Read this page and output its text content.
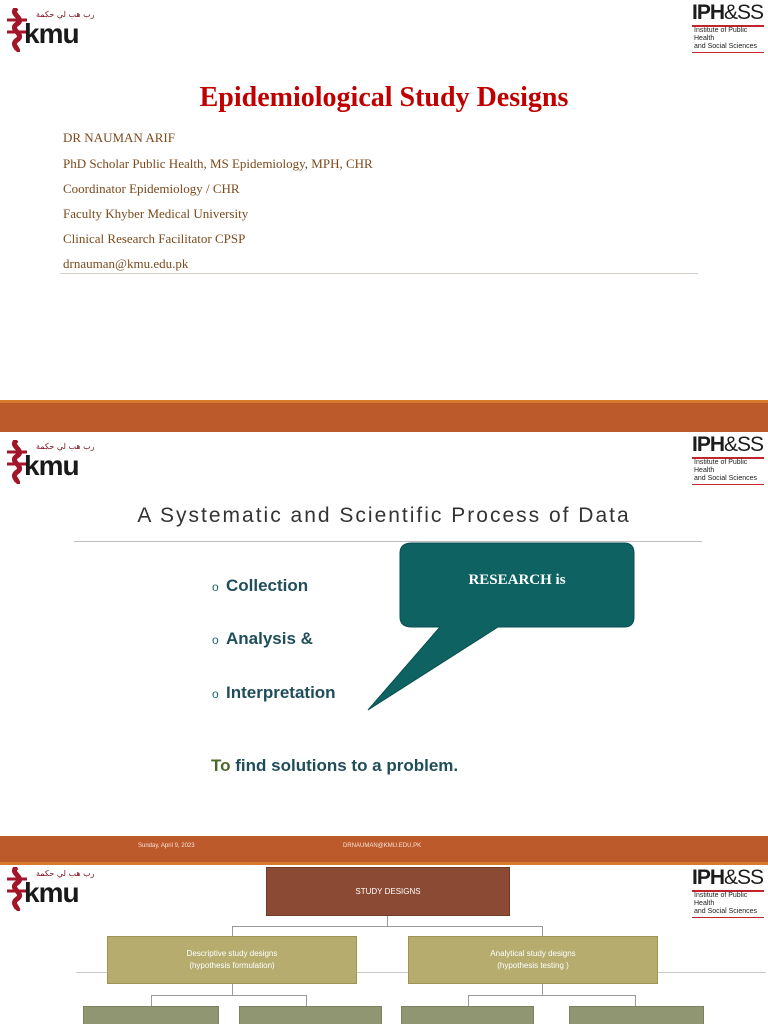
رب هب لي حكمة
kmu
IPH&SS
Institute of Public Health
and Social Sciences
Epidemiological Study Designs
DR NAUMAN ARIF
PhD Scholar Public Health, MS Epidemiology, MPH, CHR
Coordinator Epidemiology / CHR
Faculty Khyber Medical University
Clinical Research Facilitator CPSP
drnauman@kmu.edu.pk
رب هب لي حكمة
kmu
IPH&SS
Institute of Public Health
and Social Sciences
A Systematic and Scientific Process of Data
RESEARCH is
o Collection
o Analysis &
o Interpretation
To find solutions to a problem.
Sunday, April 9, 2023	DRNAUMAN@KMU.EDU.PK
رب هب لي حكمة
kmu	IPH&SS
Institute of Public Health
and Social Sciences
STUDY DESIGNS
Descriptive study designs
(hypothesis formulation)
Analytical study designs
(hypothesis testing )
